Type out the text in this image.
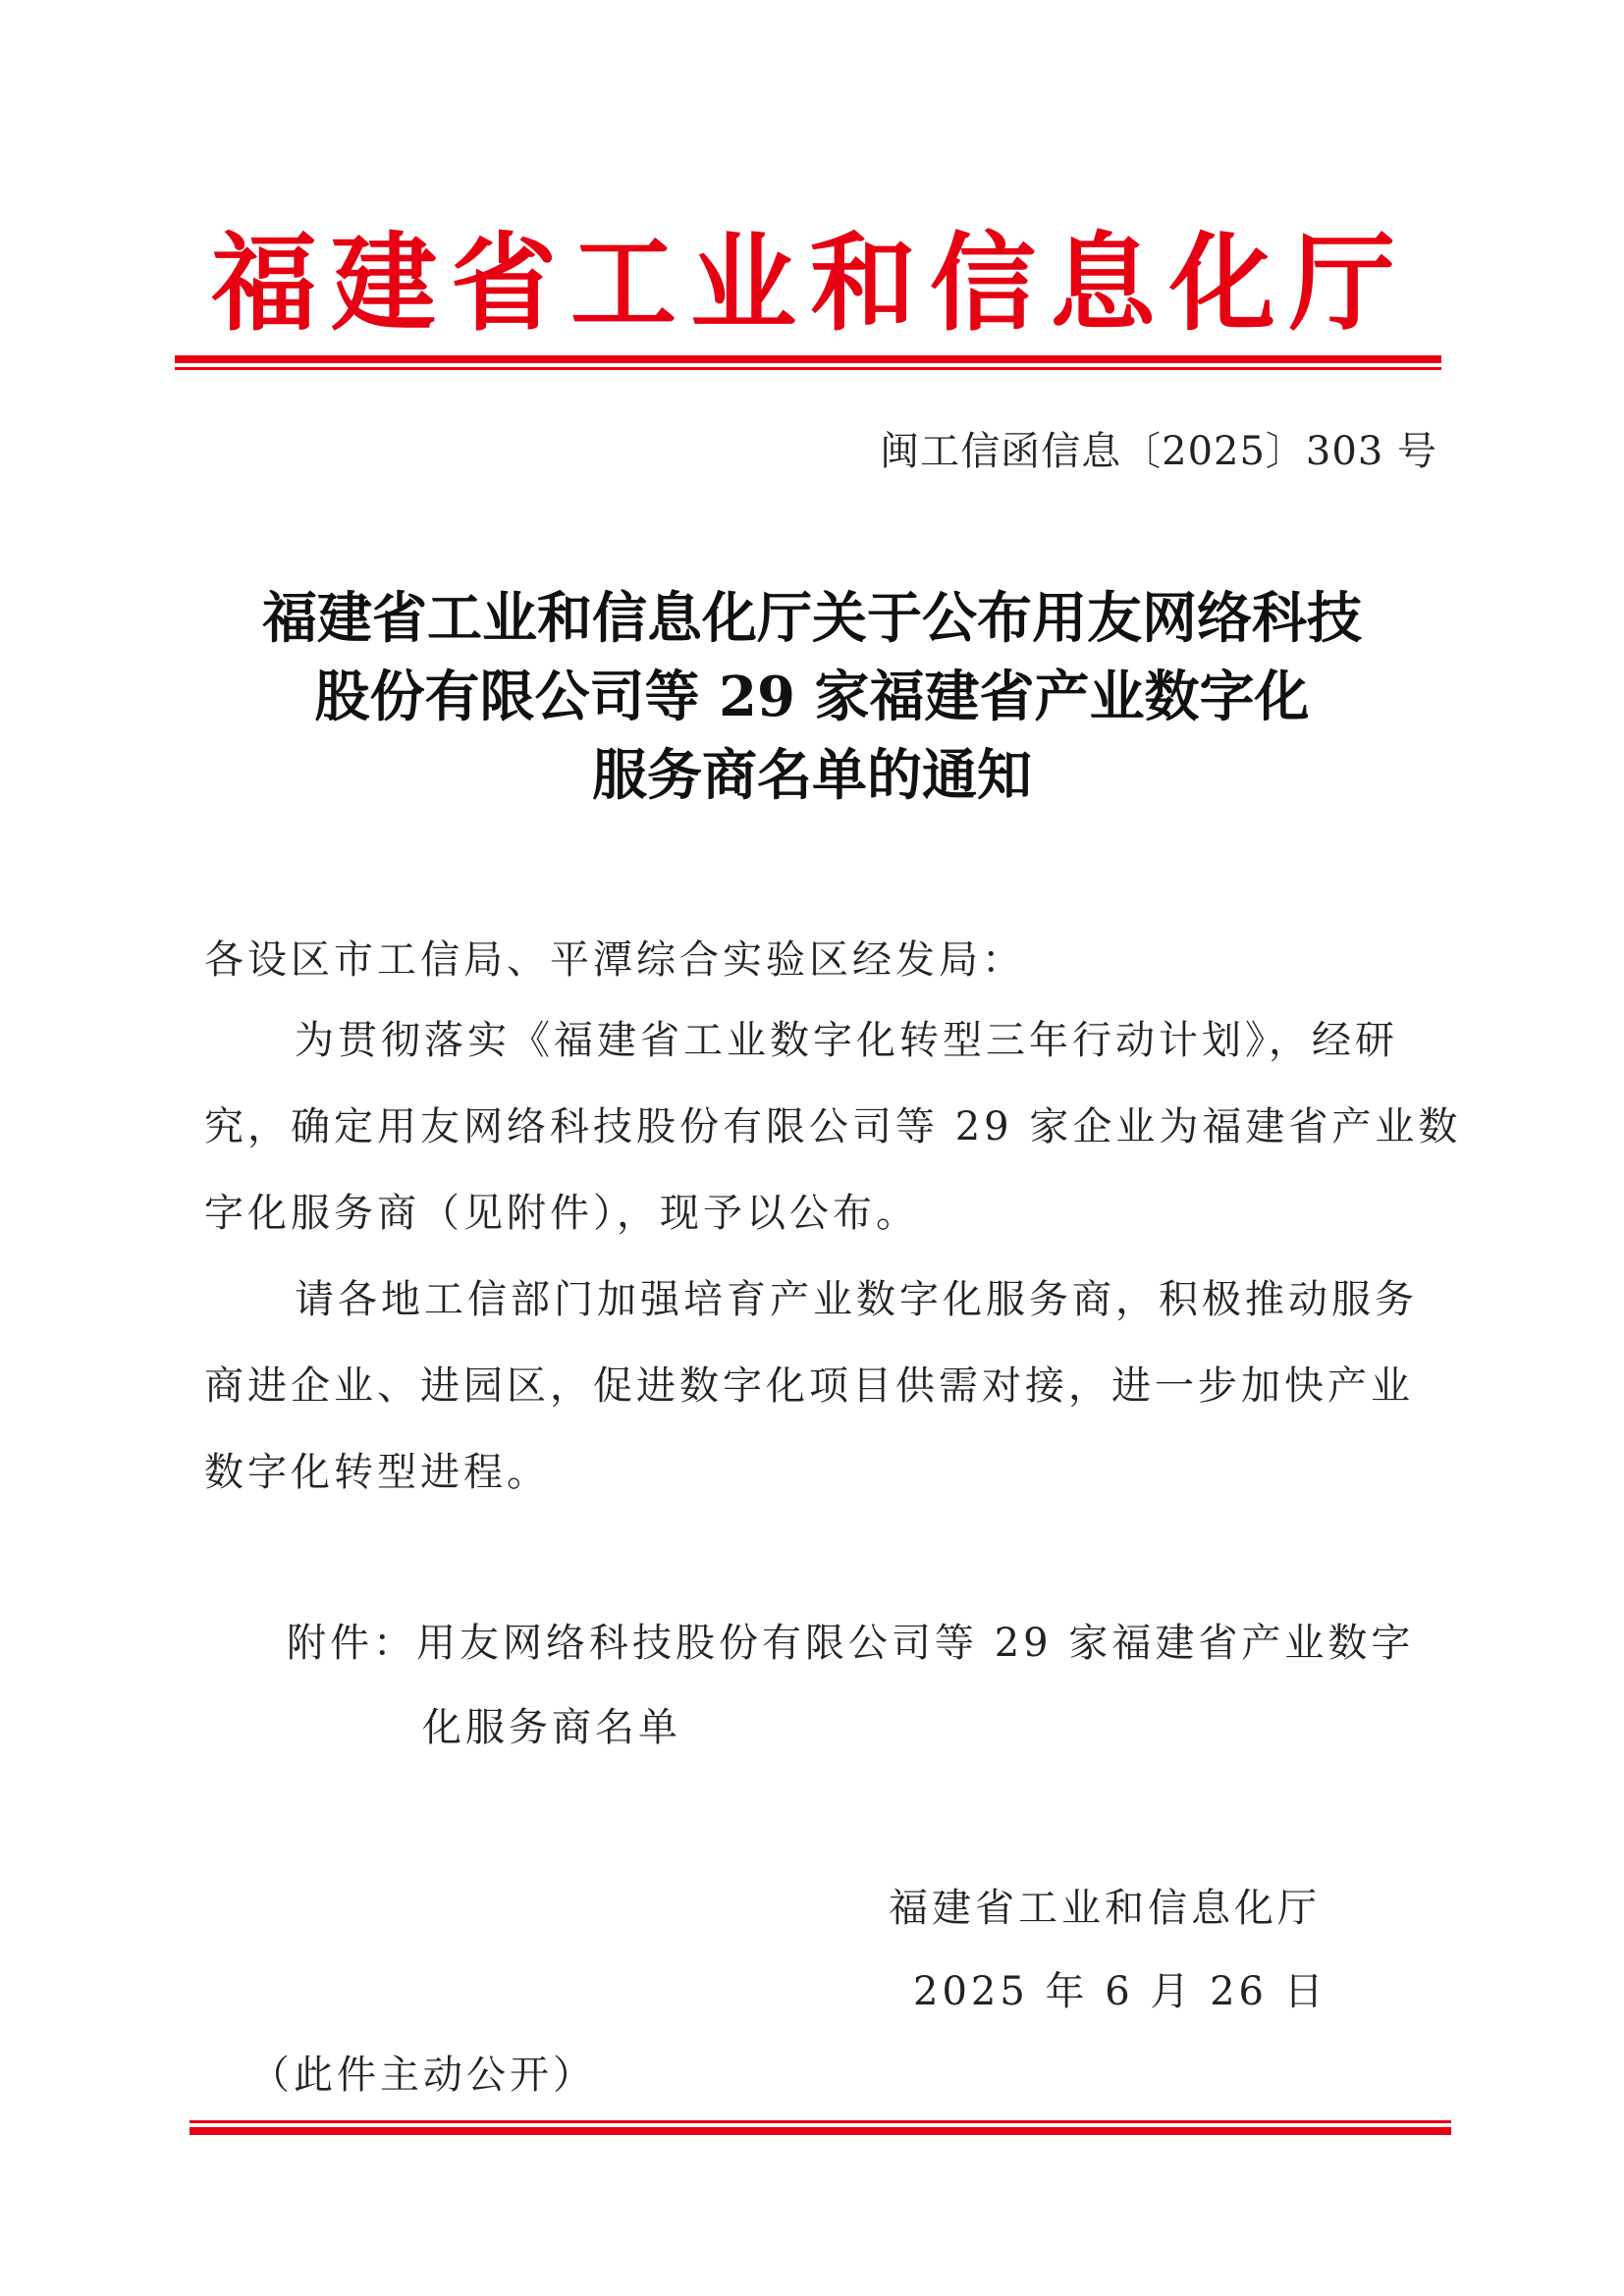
福建省工业和信息化厅
闽工信函信息〔2025〕303 号
福建省工业和信息化厅关于公布用友网络科技
股份有限公司等 29 家福建省产业数字化
服务商名单的通知
各设区市工信局、平潭综合实验区经发局：
为贯彻落实《福建省工业数字化转型三年行动计划》，经研
究，确定用友网络科技股份有限公司等 29 家企业为福建省产业数
字化服务商（见附件），现予以公布。
请各地工信部门加强培育产业数字化服务商，积极推动服务
商进企业、进园区，促进数字化项目供需对接，进一步加快产业
数字化转型进程。
附件：用友网络科技股份有限公司等 29 家福建省产业数字
化服务商名单
福建省工业和信息化厅
2025 年 6 月 26 日
（此件主动公开）
